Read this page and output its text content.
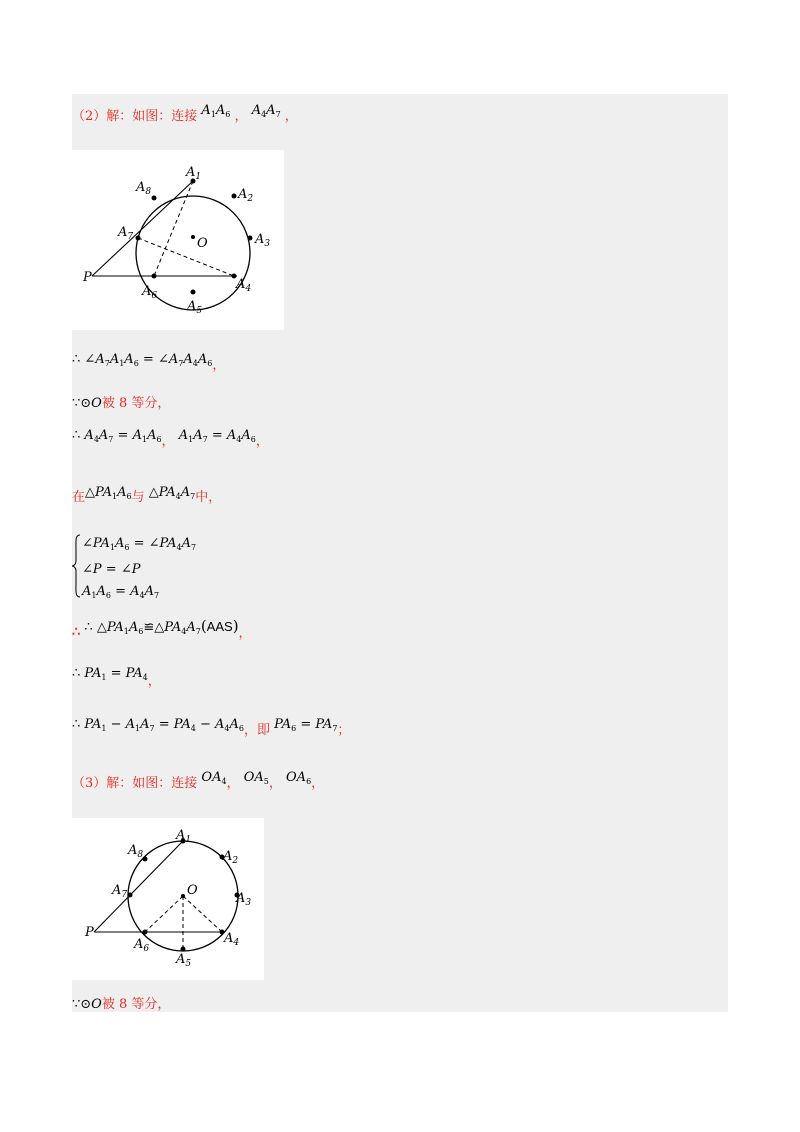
（2）解：如图：连接 $A_1A_6$ ， $A_4A_7$ ，
$A_1$
$A_2$
$A_3$
$A_4$
$A_5$
$A_6$
$A_7$
$A_8$
O
P
∴ $\angle A_7A_1A_6$ = $\angle A_7A_4A_6$，
∵⊙O被 8 等分，
∴ $A_4A_7 = A_1A_6$， $A_1A_7 = A_4A_6$，
在$\triangle PA_1A_6$与 $\triangle PA_4A_7$中，
$\angle PA_1A_6$ = $\angle PA_4A_7$
∠P = ∠P
$A_1A_6 = A_4A_7$
∴ ∴ $\triangle PA_1A_6≌\triangle PA_4A_7(AAS)$，
∴ $PA_1 = PA_4$，
∴ $PA_1 - A_1A_7 = PA_4 - A_4A_6$，即 $PA_6 = PA_7$；
（3）解：如图：连接 $OA_4$， $OA_5$， $OA_6$，
$A_1$
$A_2$
$A_3$
$A_4$
$A_5$
$A_6$
$A_7$
$A_8$
O
P
∵⊙O被 8 等分，
